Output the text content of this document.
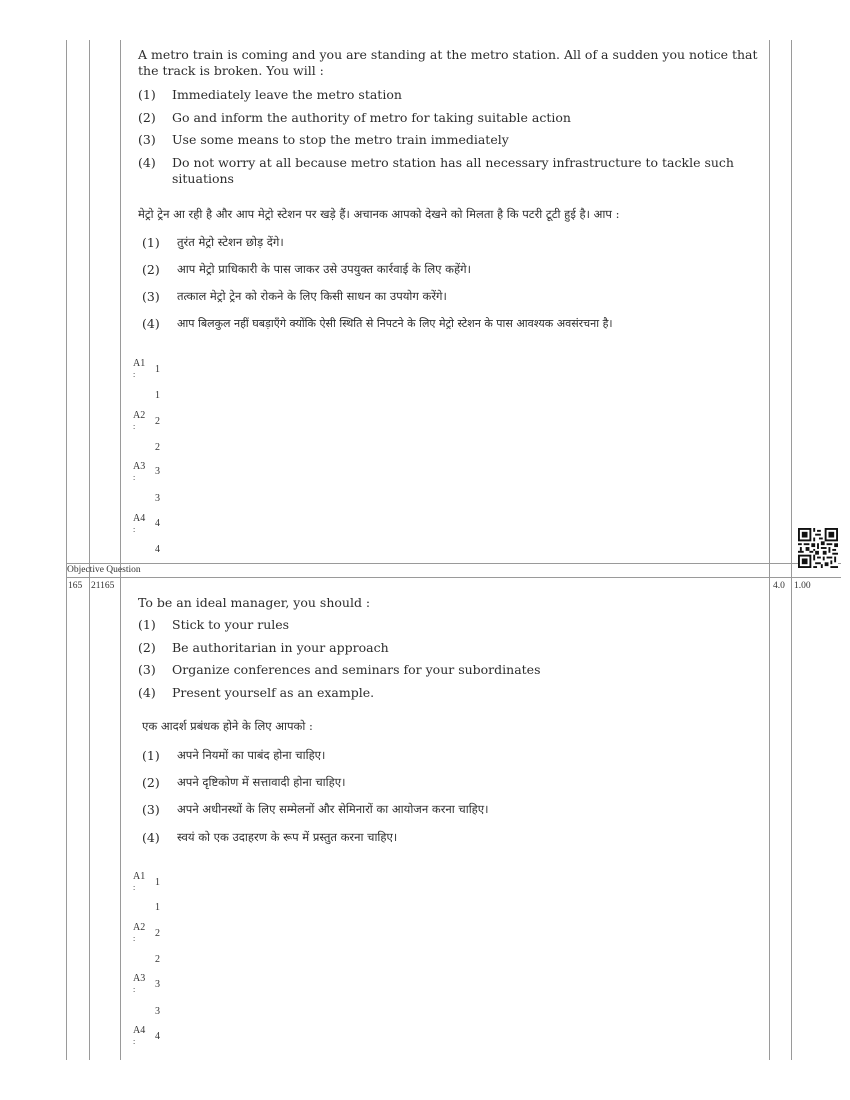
A metro train is coming and you are standing at the metro station. All of a sudden you notice that
the track is broken. You will :
(1) Immediately leave the metro station
(2) Go and inform the authority of metro for taking suitable action
(3) Use some means to stop the metro train immediately
(4) Do not worry at all because metro station has all necessary infrastructure to tackle such
situations
मेट्रो ट्रेन आ रही है और आप मेट्रो स्टेशन पर खड़े हैं। अचानक आपको देखने को मिलता है कि पटरी टूटी हुई है। आप :
(1) तुरंत मेट्रो स्टेशन छोड़ देंगे।
(2) आप मेट्रो प्राधिकारी के पास जाकर उसे उपयुक्त कार्रवाई के लिए कहेंगे।
(3) तत्काल मेट्रो ट्रेन को रोकने के लिए किसी साधन का उपयोग करेंगे।
(4) आप बिलकुल नहीं घबड़ाएँगे क्योंकि ऐसी स्थिति से निपटने के लिए मेट्रो स्टेशन के पास आवश्यक अवसंरचना है।
A1
: 1
1
A2
: 2
2
A3
:
3
3
A4
:
4
4
Objective Question
165 21165	4.0 1.00
To be an ideal manager, you should :
(1) Stick to your rules
(2) Be authoritarian in your approach
(3) Organize conferences and seminars for your subordinates
(4) Present yourself as an example.
एक आदर्श प्रबंधक होने के लिए आपको :
(1) अपने नियमों का पाबंद होना चाहिए।
(2) अपने दृष्टिकोण में सत्तावादी होना चाहिए।
(3) अपने अधीनस्थों के लिए सम्मेलनों और सेमिनारों का आयोजन करना चाहिए।
(4) स्वयं को एक उदाहरण के रूप में प्रस्तुत करना चाहिए।
A1
: 1
1
A2
: 2
2
A3
: 3
3
A4
: 4
